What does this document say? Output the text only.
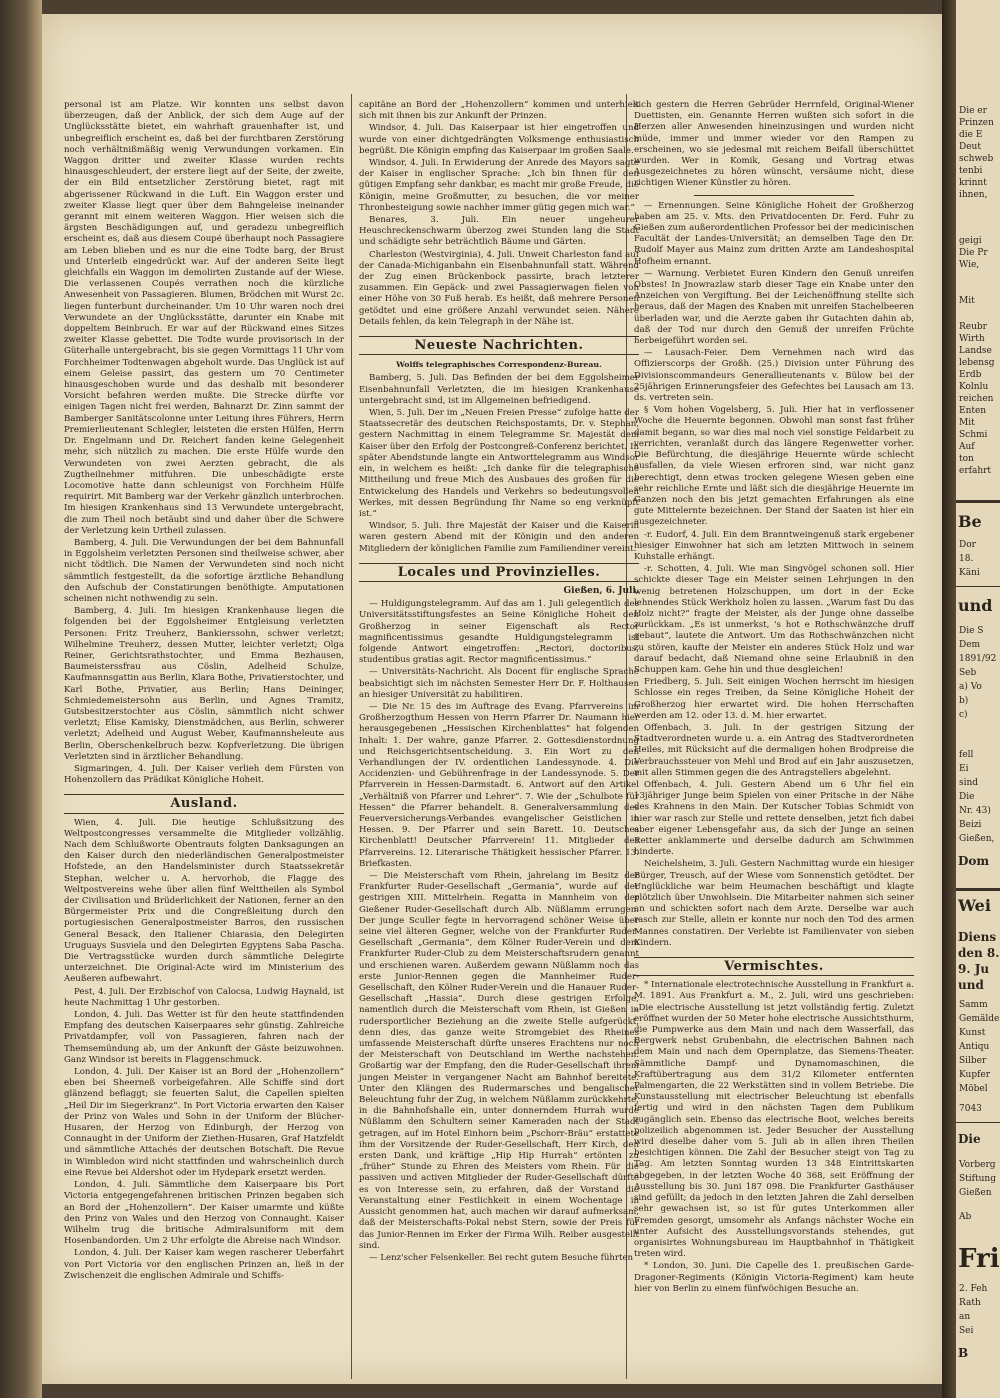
personal ist am Platze. Wir konnten uns selbst davon überzeugen, daß der Anblick, der sich dem Auge auf der Unglücksstätte bietet, ein wahrhaft grauenhafter ist, und unbegreiflich erscheint es, daß bei der furchtbaren Zerstörung noch verhältnißmäßig wenig Verwundungen vorkamen. Ein Waggon dritter und zweiter Klasse wurden rechts hinausgeschleudert, der erstere liegt auf der Seite, der zweite, der ein Bild entsetzlicher Zerstörung bietet, ragt mit abgerissener Rückwand in die Luft. Ein Waggon erster und zweiter Klasse liegt quer über dem Bahngeleise ineinander gerannt mit einem weiteren Waggon. Hier weisen sich die ärgsten Beschädigungen auf, und geradezu unbegreiflich erscheint es, daß aus diesem Coupé überhaupt noch Passagiere am Leben blieben und es nur die eine Todte barg, der Brust und Unterleib eingedrückt war. Auf der anderen Seite liegt gleichfalls ein Waggon im demolirten Zustande auf der Wiese. Die verlassenen Coupés verrathen noch die kürzliche Anwesenheit von Passagieren. Blumen, Brödchen mit Wurst 2c. liegen funterbunt durcheinander. Um 10 Uhr waren noch drei Verwundete an der Unglücksstätte, darunter ein Knabe mit doppeltem Beinbruch. Er war auf der Rückwand eines Sitzes zweiter Klasse gebettet. Die Todte wurde provisorisch in der Güterhalle untergebracht, bis sie gegen Vormittags 11 Uhr vom Forchheimer Todtenwagen abgeholt wurde. Das Unglück ist auf einem Geleise passirt, das gestern um 70 Centimeter hinausgeschoben wurde und das deshalb mit besonderer Vorsicht befahren werden mußte. Die Strecke dürfte vor einigen Tagen nicht frei werden, Bahnarzt Dr. Zinn sammt der Bamberger Sanitätscolonne unter Leitung ihres Führers, Herrn Premierlieutenant Schlegler, leisteten die ersten Hülfen, Herrn Dr. Engelmann und Dr. Reichert fanden keine Gelegenheit mehr, sich nützlich zu machen. Die erste Hülfe wurde den Verwundeten von zwei Aerzten gebracht, die als Zugtheilnehmer mitfuhren. Die unbeschädigte erste Locomotive hatte dann schleunigst von Forchheim Hülfe requirirt. Mit Bamberg war der Verkehr gänzlich unterbrochen. Im hiesigen Krankenhaus sind 13 Verwundete untergebracht, die zum Theil noch betäubt sind und daher über die Schwere der Verletzung kein Urtheil zulassen.

Bamberg, 4. Juli. Die Verwundungen der bei dem Bahnunfall in Eggolsheim verletzten Personen sind theilweise schwer, aber nicht tödtlich. Die Namen der Verwundeten sind noch nicht sämmtlich festgestellt, da die sofortige ärztliche Behandlung den Aufschub der Constatirungen benöthigte. Amputationen scheinen nicht nothwendig zu sein.

Bamberg, 4. Juli. Im hiesigen Krankenhause liegen die folgenden bei der Eggolsheimer Entgleisung verletzten Personen: Fritz Treuherz, Bankierssohn, schwer verletzt; Wilhelmine Treuherz, dessen Mutter, leichter verletzt; Olga Reiner, Gerichtsrathstochter, und Emma Bezhausen, Baumeisterssfrau aus Cöslin, Adelheid Schulze, Kaufmannsgattin aus Berlin, Klara Bothe, Privatierstochter, und Karl Bothe, Privatier, aus Berlin; Hans Deininger, Schmiedemeistersohn aus Berlin, und Agnes Tramitz, Gutsbesitzerstochter aus Cöslin, sämmtlich nicht schwer verletzt; Elise Kamisky, Dienstmädchen, aus Berlin, schwerer verletzt; Adelheid und August Weber, Kaufmannsheleute aus Berlin, Oberschenkelbruch bezw. Kopfverletzung. Die übrigen Verletzten sind in ärztlicher Behandlung.

Sigmaringen, 4. Juli. Der Kaiser verlieh dem Fürsten von Hohenzollern das Prädikat Königliche Hoheit.

Ausland.

Wien, 4. Juli. Die heutige Schlußsitzung des Weltpostcongresses versammelte die Mitglieder vollzählig. Nach dem Schlußworte Obentrauts folgten Danksagungen an den Kaiser durch den niederländischen Generalpostmeister Hofstede, an den Handelsminister durch Staatssekretär Stephan, welcher u. A. hervorhob, die Flagge des Weltpostvereins wehe über allen fünf Welttheilen als Symbol der Civilisation und Brüderlichkeit der Nationen, ferner an den Bürgermeister Prix und die Congreßleitung durch den portugiesischen Generalpostmeister Barros, den russischen General Besack, den Italiener Chiarasia, den Delegirten Uruguays Susviela und den Delegirten Egyptens Saba Pascha. Die Vertragsstücke wurden durch sämmtliche Delegirte unterzeichnet. Die Original-Acte wird im Ministerium des Aeußeren aufbewahrt.

Pest, 4. Juli. Der Erzbischof von Calocsa, Ludwig Haynald, ist heute Nachmittag 1 Uhr gestorben.

London, 4. Juli. Das Wetter ist für den heute stattfindenden Empfang des deutschen Kaiserpaares sehr günstig. Zahlreiche Privatdampfer, voll von Passagieren, fahren nach der Themsemündung ab, um der Ankunft der Gäste beizuwohnen. Ganz Windsor ist bereits in Flaggenschmuck.

London, 4. Juli. Der Kaiser ist an Bord der „Hohenzollern“ eben bei Sheerneß vorbeigefahren. Alle Schiffe sind dort glänzend beflaggt; sie feuerten Salut, die Capellen spielten „Heil Dir im Siegerkranz“. In Port Victoria erwarten den Kaiser der Prinz von Wales und Sohn in der Uniform der Blücher-Husaren, der Herzog von Edinburgh, der Herzog von Connaught in der Uniform der Ziethen-Husaren, Graf Hatzfeldt und sämmtliche Attachés der deutschen Botschaft. Die Revue in Wimbledon wird nicht stattfinden und wahrscheinlich durch eine Revue bei Aldershot oder im Hydepark ersetzt werden.

London, 4. Juli. Sämmtliche dem Kaiserpaare bis Port Victoria entgegengefahrenen britischen Prinzen begaben sich an Bord der „Hohenzollern“. Der Kaiser umarmte und küßte den Prinz von Wales und den Herzog von Connaught. Kaiser Wilhelm trug die britische Admiralsuniform mit dem Hosenbandorden. Um 2 Uhr erfolgte die Abreise nach Windsor.

London, 4. Juli. Der Kaiser kam wegen rascherer Ueberfahrt von Port Victoria vor den englischen Prinzen an, ließ in der Zwischenzeit die englischen Admirale und Schiffs-

capitäne an Bord der „Hohenzollern“ kommen und unterhielt sich mit ihnen bis zur Ankunft der Prinzen.

Windsor, 4. Juli. Das Kaiserpaar ist hier eingetroffen und wurde von einer dichtgedrängten Volksmenge enthusiastisch begrüßt. Die Königin empfing das Kaiserpaar im großen Saale.

Windsor, 4. Juli. In Erwiderung der Anrede des Mayors sagte der Kaiser in englischer Sprache: „Ich bin Ihnen für den gütigen Empfang sehr dankbar, es macht mir große Freude, die Königin, meine Großmutter, zu besuchen, die vor meiner Thronbesteigung sowie nachher immer gütig gegen mich war.“

Benares, 3. Juli. Ein neuer ungeheurer Heuschreckenschwarm überzog zwei Stunden lang die Stadt und schädigte sehr beträchtlich Bäume und Gärten.

Charleston (Westvirginia), 4. Juli. Unweit Charleston fand auf der Canada-Michiganbahn ein Eisenbahnunfall statt. Während der Zug einen Brückenbock passirte, brach letzterer zusammen. Ein Gepäck- und zwei Passagierwagen fielen von einer Höhe von 30 Fuß herab. Es heißt, daß mehrere Personen getödtet und eine größere Anzahl verwundet seien. Nähere Details fehlen, da kein Telegraph in der Nähe ist.

Neueste Nachrichten.
Wolffs telegraphisches Correspondenz-Bureau.

Bamberg, 5. Juli. Das Befinden der bei dem Eggolsheimer Eisenbahnunfall Verletzten, die im hiesigen Krankenhause untergebracht sind, ist im Allgemeinen befriedigend.

Wien, 5. Juli. Der im „Neuen Freien Presse“ zufolge hatte der Staatssecretär des deutschen Reichspostamts, Dr. v. Stephan, gestern Nachmittag in einem Telegramme Sr. Majestät dem Kaiser über den Erfolg der Postcongreß-Conferenz berichtet. In später Abendstunde langte ein Antworttelegramm aus Windsor ein, in welchem es heißt: „Ich danke für die telegraphische Mittheilung und freue Mich des Ausbaues des großen für die Entwickelung des Handels und Verkehrs so bedeutungsvollen Werkes, mit dessen Begründung Ihr Name so eng verknüpft ist.“

Windsor, 5. Juli. Ihre Majestät der Kaiser und die Kaiserin waren gestern Abend mit der Königin und den anderen Mitgliedern der königlichen Familie zum Familiendiner vereint.

Locales und Provinzielles.
Gießen, 6. Juli.

— Huldigungstelegramm. Auf das am 1. Juli gelegentlich des Universitätsstiftungsfestes an Seine Königliche Hoheit den Großherzog in seiner Eigenschaft als Rector magnificentissimus gesandte Huldigungstelegramm ist folgende Antwort eingetroffen: „Rectori, doctoribus, studentibus gratias agit. Rector magnificentissimus.“

— Universitäts-Nachricht. Als Docent für englische Sprache beabsichtigt sich im nächsten Semester Herr Dr. F. Holthausen an hiesiger Universität zu habilitiren.

— Die Nr. 15 des im Auftrage des Evang. Pfarrvereins im Großherzogthum Hessen von Herrn Pfarrer Dr. Naumann hier herausgegebenen „Hessischen Kirchenblattes“ hat folgenden Inhalt: 1. Der wahre, ganze Pfarrer. 2. Gottesdienstordnung und Reichsgerichtsentscheidung. 3. Ein Wort zu den Verhandlungen der IV. ordentlichen Landessynode. 4. Die Accidenzien- und Gebührenfrage in der Landessynode. 5. Der Pfarrverein in Hessen-Darmstadt. 6. Antwort auf den Artikel „Verhältniß von Pfarrer und Lehrer“. 7. Wie der „Schulbote für Hessen“ die Pfarrer behandelt. 8. Generalversammlung des Feuerversicherungs-Verbandes evangelischer Geistlichen in Hessen. 9. Der Pfarrer und sein Barett. 10. Deutsches Kirchenblatt! Deutscher Pfarrverein! 11. Mitglieder des Pfarrvereins. 12. Literarische Thätigkeit hessischer Pfarrer. 13. Briefkasten.

— Die Meisterschaft vom Rhein, jahrelang im Besitz der Frankfurter Ruder-Gesellschaft „Germania“, wurde auf der gestrigen XIII. Mittelrhein. Regatta in Mannheim von der Gießener Ruder-Gesellschaft durch Alb. Nüßlamm errungen. Der junge Sculler fegte in hervorragend schöner Weise über seine viel älteren Gegner, welche von der Frankfurter Ruder-Gesellschaft „Germania“, dem Kölner Ruder-Verein und dem Frankfurter Ruder-Club zu dem Meisterschaftsrudern genannt und erschienen waren. Außerdem gewann Nüßlamm noch das erste Junior-Rennen gegen die Mannheimer Ruder-Gesellschaft, den Kölner Ruder-Verein und die Hanauer Ruder-Gesellschaft „Hassia“. Durch diese gestrigen Erfolge, namentlich durch die Meisterschaft vom Rhein, ist Gießen in rudersportlicher Beziehung an die zweite Stelle aufgerückt, denn dies, das ganze weite Stromgebiet des Rheines umfassende Meisterschaft dürfte unseres Erachtens nur noch der Meisterschaft von Deutschland im Werthe nachstehen. Großartig war der Empfang, den die Ruder-Gesellschaft ihrem jungen Meister in vergangener Nacht am Bahnhof bereitete. Unter den Klängen des Rudermarsches und bengalischer Beleuchtung fuhr der Zug, in welchem Nüßlamm zurückkehrte, in die Bahnhofshalle ein, unter donnerndem Hurrah wurde Nüßlamm den Schultern seiner Kameraden nach der Stadt getragen, auf im Hotel Einhorn beim „Pschorr-Bräu“ erstattete ihm der Vorsitzende der Ruder-Gesellschaft, Herr Kirch, den ersten Dank, und kräftige „Hip Hip Hurrah“ ertönten zu „früher“ Stunde zu Ehren des Meisters vom Rhein. Für die passiven und activen Mitglieder der Ruder-Gesellschaft dürfte es von Interesse sein, zu erfahren, daß der Vorstand die Veranstaltung einer Festlichkeit in einem Wochentage in Aussicht genommen hat, auch machen wir darauf aufmerksam, daß der Meisterschafts-Pokal nebst Stern, sowie der Preis für das Junior-Rennen im Erker der Firma Wilh. Reiber ausgestellt sind.

— Lenz'scher Felsenkeller. Bei recht gutem Besuche führten

sich gestern die Herren Gebrüder Herrnfeld, Original-Wiener Duettisten, ein. Genannte Herren wußten sich sofort in die Herzen aller Anwesenden hineinzusingen und wurden nicht müde, immer und immer wieder vor den Rampen zu erscheinen, wo sie jedesmal mit reichem Beifall überschüttet wurden. Wer in Komik, Gesang und Vortrag etwas Ausgezeichnetes zu hören wünscht, versäume nicht, diese richtigen Wiener Künstler zu hören.

— Ernennungen. Seine Königliche Hoheit der Großherzog haben am 25. v. Mts. den Privatdocenten Dr. Ferd. Fuhr zu Gießen zum außerordentlichen Professor bei der medicinischen Facultät der Landes-Universität; an demselben Tage den Dr. Rudolf Mayer aus Mainz zum dritten Arzte am Landeshospital Hofheim ernannt.

— Warnung. Verbietet Euren Kindern den Genuß unreifen Obstes! In Jnowrazlaw starb dieser Tage ein Knabe unter den Anzeichen von Vergiftung. Bei der Leichenöffnung stellte sich heraus, daß der Magen des Knaben mit unreifen Stachelbeeren überladen war, und die Aerzte gaben ihr Gutachten dahin ab, daß der Tod nur durch den Genuß der unreifen Früchte herbeigeführt worden sei.

— Lausach-Feier. Dem Vernehmen nach wird das Offizierscorps der Großh. (25.) Division unter Führung des Divisionscommandeurs Generallieutenants v. Bülow bei der 25jährigen Erinnerungsfeier des Gefechtes bei Lausach am 13. ds. vertreten sein.

§ Vom hohen Vogelsberg, 5. Juli. Hier hat in verflossener Woche die Heuernte begonnen. Obwohl man sonst fast früher damit begann, so war dies mal noch viel sonstige Feldarbeit zu verrichten, veranlaßt durch das längere Regenwetter vorher. Die Befürchtung, die diesjährige Heuernte würde schlecht ausfallen, da viele Wiesen erfroren sind, war nicht ganz berechtigt, denn etwas trocken gelegene Wiesen geben eine sehr reichliche Ernte und läßt sich die diesjährige Heuernte im Ganzen noch den bis jetzt gemachten Erfahrungen als eine gute Mittelernte bezeichnen. Der Stand der Saaten ist hier ein ausgezeichneter.

-r. Eudorf, 4. Juli. Ein dem Branntweingenuß stark ergebener hiesiger Einwohner hat sich am letzten Mittwoch in seinem Kuhstalle erhängt.

-r. Schotten, 4. Juli. Wie man Singvögel schonen soll. Hier schickte dieser Tage ein Meister seinen Lehrjungen in den wenig betretenen Holzschuppen, um dort in der Ecke lehnendes Stück Werkholz holen zu lassen. „Warum fast Du das Holz nicht?“ fragte der Meister, als der Junge ohne dasselbe zurückkam. „Es ist unmerkst, 's hot e Rothschwänzche druff gebaut“, lautete die Antwort. Um das Rothschwänzchen nicht zu stören, kaufte der Meister ein anderes Stück Holz und war darauf bedacht, daß Niemand ohne seine Erlaubniß in den Schuppen kam. Gehe hin und thue desgleichen!

Friedberg, 5. Juli. Seit einigen Wochen herrscht im hiesigen Schlosse ein reges Treiben, da Seine Königliche Hoheit der Großherzog hier erwartet wird. Die hohen Herrschaften werden am 12. oder 13. d. M. hier erwartet.

Offenbach, 3. Juli. In der gestrigen Sitzung der Stadtverordneten wurde u. a. ein Antrag des Stadtverordneten Heiles, mit Rücksicht auf die dermaligen hohen Brodpreise die Verbrauchssteuer von Mehl und Brod auf ein Jahr auszusetzen, mit allen Stimmen gegen die des Antragstellers abgelehnt.

Offenbach, 4. Juli. Gestern Abend um 6 Uhr fiel ein 13jähriger Junge beim Spielen von einer Pritsche in der Nähe des Krahnens in den Main. Der Kutscher Tobias Schmidt von hier war rasch zur Stelle und rettete denselben, jetzt fich dabei aber eigener Lebensgefahr aus, da sich der Junge an seinen Retter anklammerte und derselbe dadurch am Schwimmen hinderte.

Neichelsheim, 3. Juli. Gestern Nachmittag wurde ein hiesiger Bürger, Treusch, auf der Wiese vom Sonnenstich getödtet. Der Unglückliche war beim Heumachen beschäftigt und klagte plötzlich über Unwohlsein. Die Mitarbeiter nahmen sich seiner an und schickten sofort nach dem Arzte. Derselbe war auch rasch zur Stelle, allein er konnte nur noch den Tod des armen Mannes constatiren. Der Verlebte ist Familienvater von sieben Kindern.

Vermischtes.

* Internationale electrotechnische Ausstellung in Frankfurt a. M. 1891. Aus Frankfurt a. M., 2. Juli, wird uns geschrieben: „Die electrische Ausstellung ist jetzt vollständig fertig. Zuletzt eröffnet wurden der 50 Meter hohe electrische Aussichtsthurm, die Pumpwerke aus dem Main und nach dem Wasserfall, das Bergwerk nebst Grubenbahn, die electrischen Bahnen nach dem Main und nach dem Opernplatze, das Siemens-Theater. Sämmtliche Dampf- und Dynamomaschinen, die Kraftübertragung aus dem 31/2 Kilometer entfernten Palmengarten, die 22 Werkstätten sind in vollem Betriebe. Die Kunstausstellung mit electrischer Beleuchtung ist ebenfalls fertig und wird in den nächsten Tagen dem Publikum zugänglich sein. Ebenso das electrische Boot, welches bereits polizeilich abgenommen ist. Jeder Besucher der Ausstellung wird dieselbe daher vom 5. Juli ab in allen ihren Theilen besichtigen können. Die Zahl der Besucher steigt von Tag zu Tag. Am letzten Sonntag wurden 13 348 Eintrittskarten abgegeben, in der letzten Woche 40 368, seit Eröffnung der Ausstellung bis 30. Juni 187 098. Die Frankfurter Gasthäuser sind gefüllt; da jedoch in den letzten Jahren die Zahl derselben sehr gewachsen ist, so ist für gutes Unterkommen aller Fremden gesorgt, umsomehr als Anfangs nächster Woche ein unter Aufsicht des Ausstellungsvorstands stehendes, gut organisirtes Wohnungsbureau im Hauptbahnhof in Thätigkeit treten wird.

* London, 30. Juni. Die Capelle des 1. preußischen Garde-Dragoner-Regiments (Königin Victoria-Regiment) kam heute hier von Berlin zu einem fünfwöchigen Besuche an.

Die er
Prinzen
die E
Deut
schweb
tenbi
krinnt
ihnen,
geigi
Die Pr
Wie,
Mit
Reubr
Wirth
Landse
lebensg
Erdb
Kolnlu
reichen
Enten
Mit
Schmi
Auf
ton
erfahrt
Be
Dor
18.
Käni
und
Die S
Dem
1891/92
Seb
a) Vo
b)
c)
fell
Ei
sind
Die
Nr. 43)
Beizi
Gießen,
Dom
Wei
Diens
den 8.
9. Ju
und
Samm
Gemälde
Kunst
Antiqu
Silber
Kupfer
Möbel
7043
Die
Vorberg
Stiftung
Gießen
Ab
Fri
2. Feh
Rath
an
Sei
B
